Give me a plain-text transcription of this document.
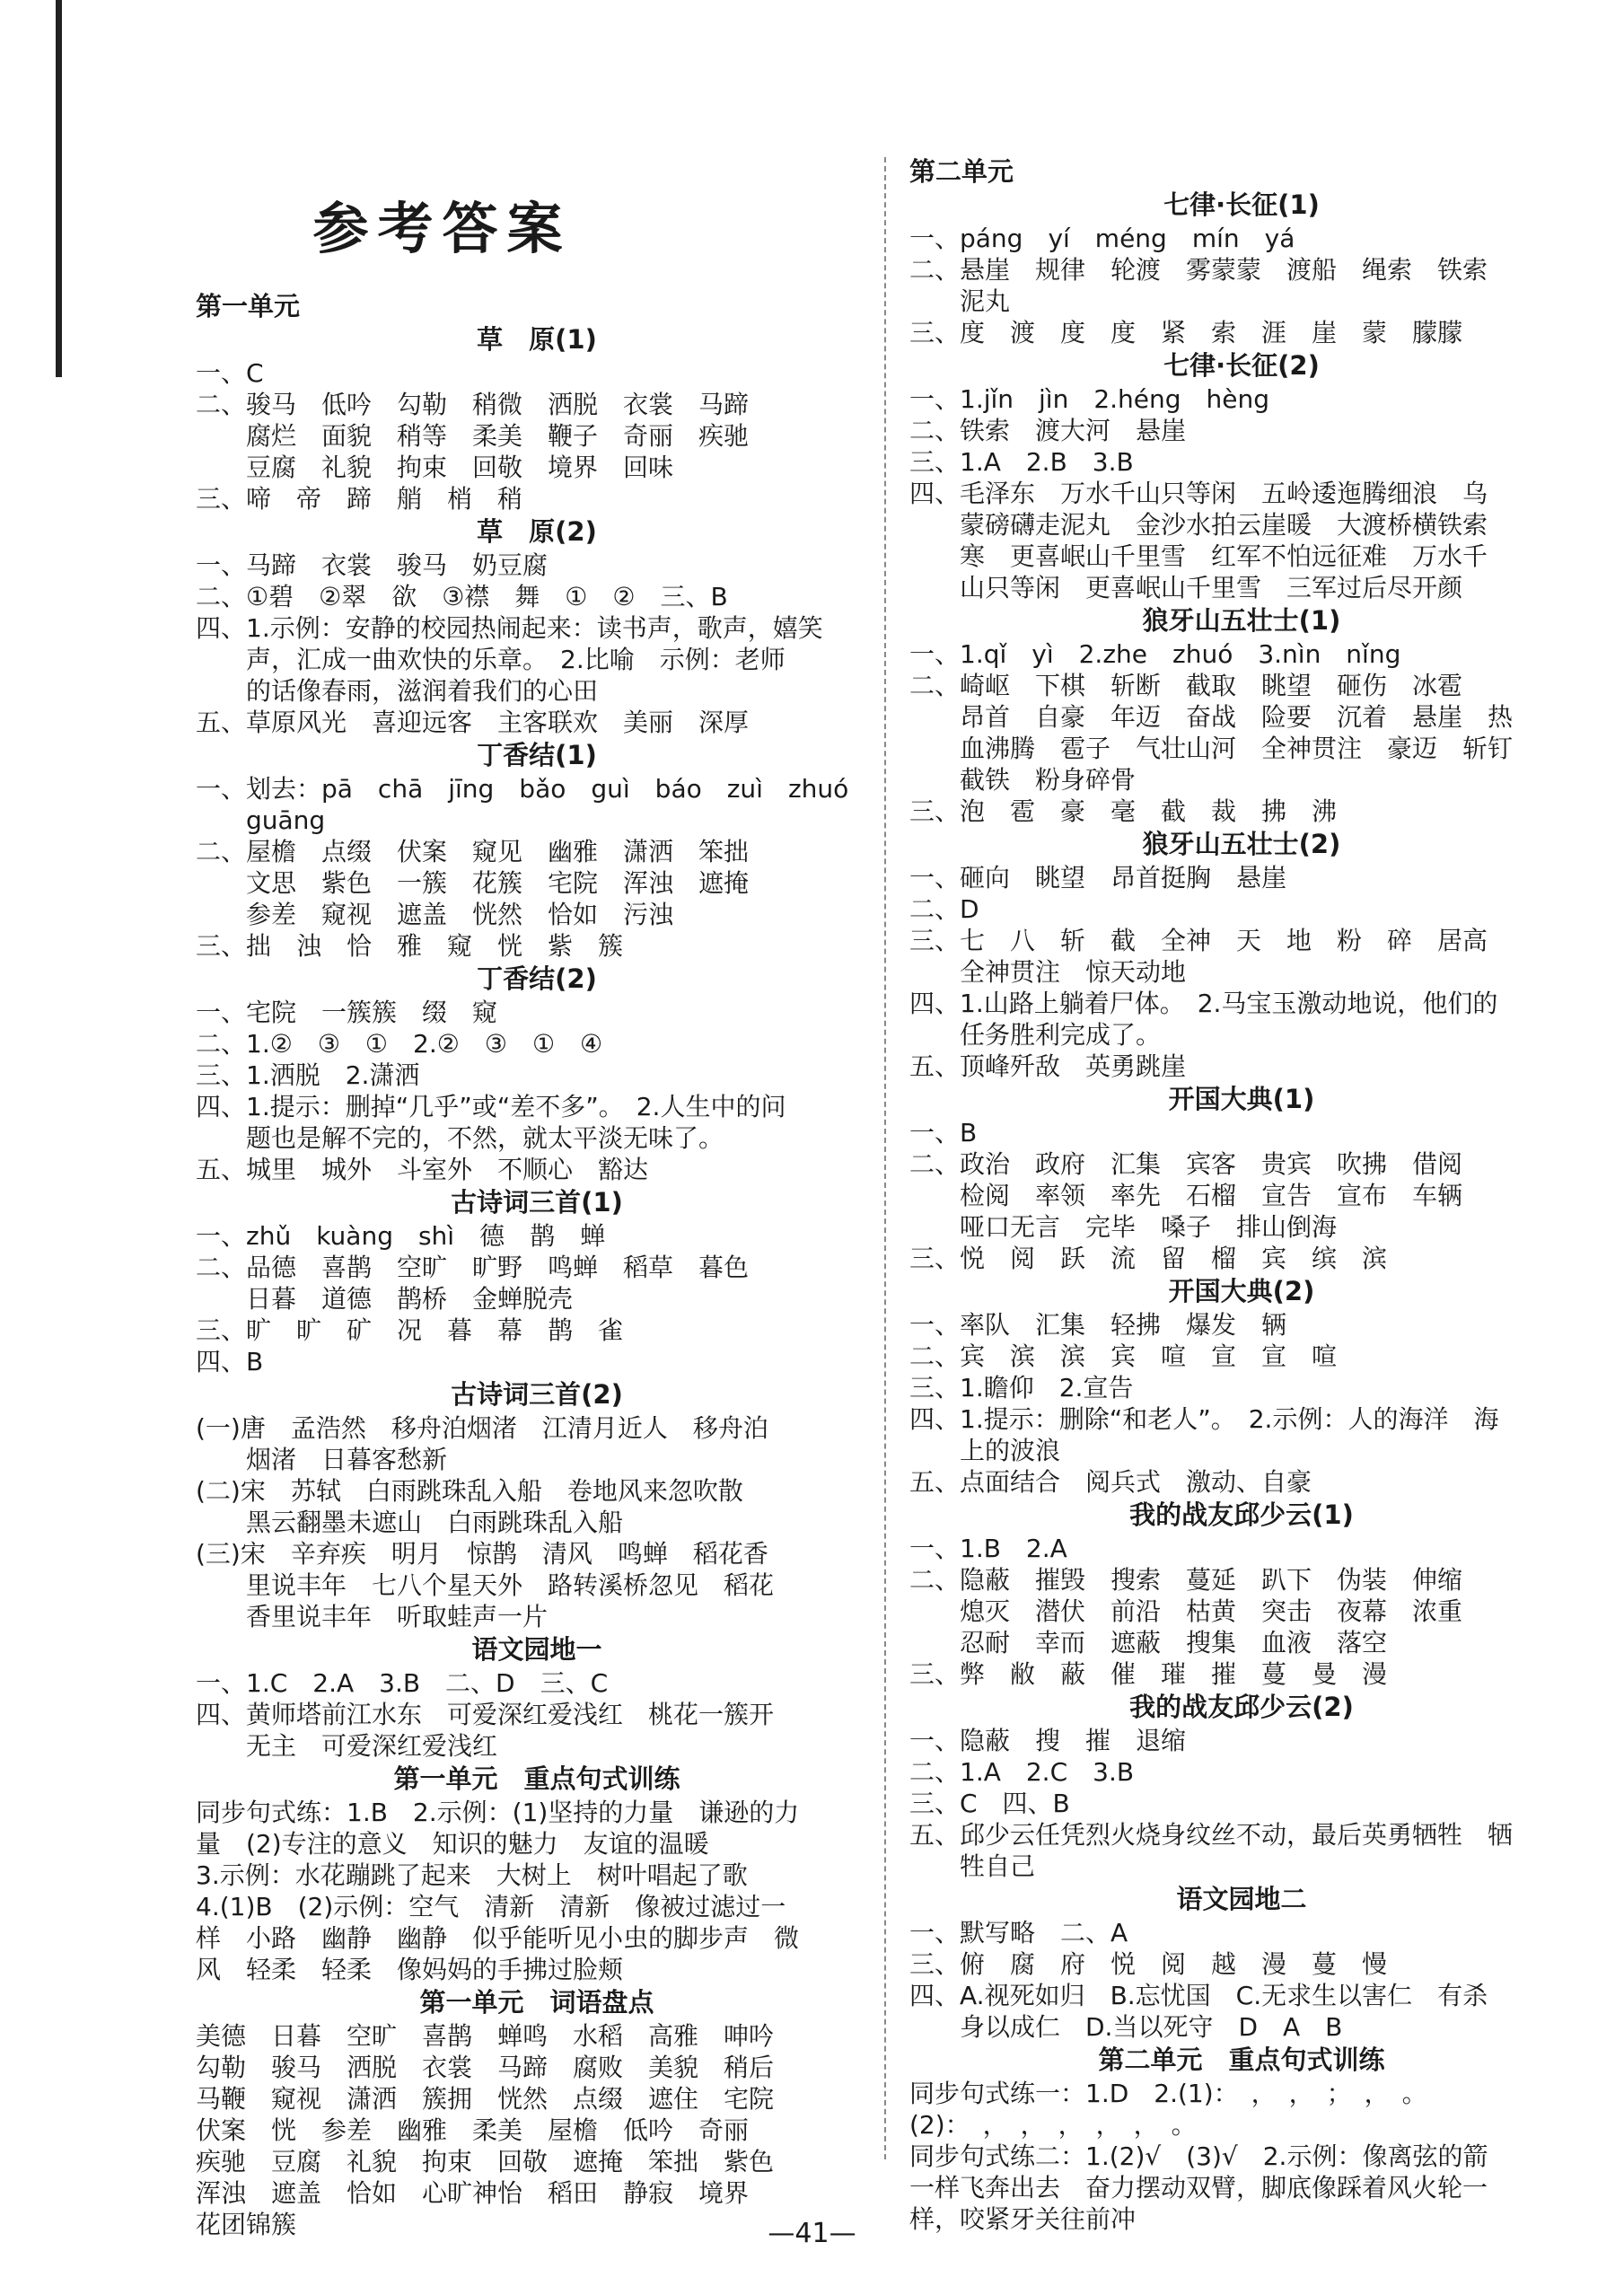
参考答案
第一单元
草　原(1)
一、C
二、骏马　低吟　勾勒　稍微　洒脱　衣裳　马蹄
腐烂　面貌　稍等　柔美　鞭子　奇丽　疾驰
豆腐　礼貌　拘束　回敬　境界　回味
三、啼　帝　蹄　艄　梢　稍
草　原(2)
一、马蹄　衣裳　骏马　奶豆腐
二、①碧　②翠　欲　③襟　舞　①　②　三、B
四、1.示例：安静的校园热闹起来：读书声，歌声，嬉笑
声，汇成一曲欢快的乐章。　2.比喻　示例：老师
的话像春雨，滋润着我们的心田
五、草原风光　喜迎远客　主客联欢　美丽　深厚
丁香结(1)
一、划去：pā　chā　jīng　bǎo　guì　báo　zuì　zhuó
guāng
二、屋檐　点缀　伏案　窥见　幽雅　潇洒　笨拙
文思　紫色　一簇　花簇　宅院　浑浊　遮掩
参差　窥视　遮盖　恍然　恰如　污浊
三、拙　浊　恰　雅　窥　恍　紫　簇
丁香结(2)
一、宅院　一簇簇　缀　窥
二、1.②　③　①　2.②　③　①　④
三、1.洒脱　2.潇洒
四、1.提示：删掉“几乎”或“差不多”。　2.人生中的问
题也是解不完的，不然，就太平淡无味了。
五、城里　城外　斗室外　不顺心　豁达
古诗词三首(1)
一、zhǔ　kuàng　shì　德　鹊　蝉
二、品德　喜鹊　空旷　旷野　鸣蝉　稻草　暮色
日暮　道德　鹊桥　金蝉脱壳
三、旷　旷　矿　况　暮　幕　鹊　雀
四、B
古诗词三首(2)
(一)唐　孟浩然　移舟泊烟渚　江清月近人　移舟泊
烟渚　日暮客愁新
(二)宋　苏轼　白雨跳珠乱入船　卷地风来忽吹散
黑云翻墨未遮山　白雨跳珠乱入船
(三)宋　辛弃疾　明月　惊鹊　清风　鸣蝉　稻花香
里说丰年　七八个星天外　路转溪桥忽见　稻花
香里说丰年　听取蛙声一片
语文园地一
一、1.C　2.A　3.B　二、D　三、C
四、黄师塔前江水东　可爱深红爱浅红　桃花一簇开
无主　可爱深红爱浅红
第一单元　重点句式训练
同步句式练：1.B　2.示例：(1)坚持的力量　谦逊的力
量　(2)专注的意义　知识的魅力　友谊的温暖
3.示例：水花蹦跳了起来　大树上　树叶唱起了歌
4.(1)B　(2)示例：空气　清新　清新　像被过滤过一
样　小路　幽静　幽静　似乎能听见小虫的脚步声　微
风　轻柔　轻柔　像妈妈的手拂过脸颊
第一单元　词语盘点
美德　日暮　空旷　喜鹊　蝉鸣　水稻　高雅　呻吟
勾勒　骏马　洒脱　衣裳　马蹄　腐败　美貌　稍后
马鞭　窥视　潇洒　簇拥　恍然　点缀　遮住　宅院
伏案　恍　参差　幽雅　柔美　屋檐　低吟　奇丽
疾驰　豆腐　礼貌　拘束　回敬　遮掩　笨拙　紫色
浑浊　遮盖　恰如　心旷神怡　稻田　静寂　境界
花团锦簇
第二单元
七律·长征(1)
一、páng　yí　méng　mín　yá
二、悬崖　规律　轮渡　雾蒙蒙　渡船　绳索　铁索
泥丸
三、度　渡　度　度　紧　索　涯　崖　蒙　朦朦
七律·长征(2)
一、1.jǐn　jìn　2.héng　hèng
二、铁索　渡大河　悬崖
三、1.A　2.B　3.B
四、毛泽东　万水千山只等闲　五岭逶迤腾细浪　乌
蒙磅礴走泥丸　金沙水拍云崖暖　大渡桥横铁索
寒　更喜岷山千里雪　红军不怕远征难　万水千
山只等闲　更喜岷山千里雪　三军过后尽开颜
狼牙山五壮士(1)
一、1.qǐ　yì　2.zhe　zhuó　3.nìn　nǐng
二、崎岖　下棋　斩断　截取　眺望　砸伤　冰雹
昂首　自豪　年迈　奋战　险要　沉着　悬崖　热
血沸腾　雹子　气壮山河　全神贯注　豪迈　斩钉
截铁　粉身碎骨
三、泡　雹　豪　毫　截　裁　拂　沸
狼牙山五壮士(2)
一、砸向　眺望　昂首挺胸　悬崖
二、D
三、七　八　斩　截　全神　天　地　粉　碎　居高
全神贯注　惊天动地
四、1.山路上躺着尸体。　2.马宝玉激动地说，他们的
任务胜利完成了。
五、顶峰歼敌　英勇跳崖
开国大典(1)
一、B
二、政治　政府　汇集　宾客　贵宾　吹拂　借阅
检阅　率领　率先　石榴　宣告　宣布　车辆
哑口无言　完毕　嗓子　排山倒海
三、悦　阅　跃　流　留　榴　宾　缤　滨
开国大典(2)
一、率队　汇集　轻拂　爆发　辆
二、宾　滨　滨　宾　喧　宣　宣　喧
三、1.瞻仰　2.宣告
四、1.提示：删除“和老人”。　2.示例：人的海洋　海
上的波浪
五、点面结合　阅兵式　激动、自豪
我的战友邱少云(1)
一、1.B　2.A
二、隐蔽　摧毁　搜索　蔓延　趴下　伪装　伸缩
熄灭　潜伏　前沿　枯黄　突击　夜幕　浓重
忍耐　幸而　遮蔽　搜集　血液　落空
三、弊　敝　蔽　催　璀　摧　蔓　曼　漫
我的战友邱少云(2)
一、隐蔽　搜　摧　退缩
二、1.A　2.C　3.B
三、C　四、B
五、邱少云任凭烈火烧身纹丝不动，最后英勇牺牲　牺
牲自己
语文园地二
一、默写略　二、A
三、俯　腐　府　悦　阅　越　漫　蔓　慢
四、A.视死如归　B.忘忧国　C.无求生以害仁　有杀
身以成仁　D.当以死守　D　A　B
第二单元　重点句式训练
同步句式练一：1.D　2.(1)：　，　，　；　，　。
(2)：　，　，　，　，　，　。
同步句式练二：1.(2)√　(3)√　2.示例：像离弦的箭
一样飞奔出去　奋力摆动双臂，脚底像踩着风火轮一
样，咬紧牙关往前冲
—41—
